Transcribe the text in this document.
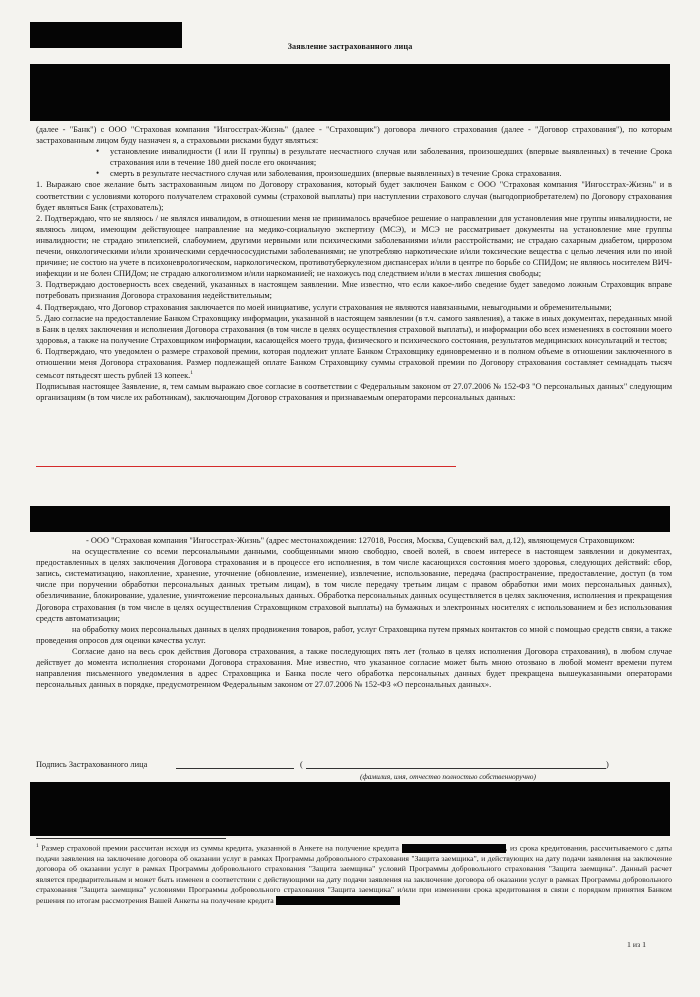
Заявление застрахованного лица

(далее - "Банк") с ООО "Страховая компания "Ингосстрах-Жизнь" (далее - "Страховщик") договора личного страхования (далее - "Договор страхования"), по которым застрахованным лицом буду назначен я, а страховыми рисками будут являться:

• установление инвалидности (I или II группы) в результате несчастного случая или заболевания, произошедших (впервые выявленных) в течение Срока страхования или в течение 180 дней после его окончания;
• смерть в результате несчастного случая или заболевания, произошедших (впервые выявленных) в течение Срока страхования.

1. Выражаю свое желание быть застрахованным лицом по Договору страхования, который будет заключен Банком с ООО "Страховая компания "Ингосстрах-Жизнь" и в соответствии с условиями которого получателем страховой суммы (страховой выплаты) при наступлении страхового случая (выгодоприобретателем) по Договору страхования будет являться Банк (страхователь);

2. Подтверждаю, что не являюсь / не являлся инвалидом, в отношении меня не принималось врачебное решение о направлении для установления мне группы инвалидности, не являюсь лицом, имеющим действующее направление на медико-социальную экспертизу (МСЭ), и МСЭ не рассматривает документы на установление мне группы инвалидности; не страдаю эпилепсией, слабоумием, другими нервными или психическими заболеваниями и/или расстройствами; не страдаю сахарным диабетом, циррозом печени, онкологическими и/или хроническими сердечнососудистыми заболеваниями; не употребляю наркотические и/или токсические вещества с целью лечения или по иной причине; не состою на учете в психоневрологическом, наркологическом, противотуберкулезном диспансерах и/или в центре по борьбе со СПИДом; не являюсь носителем ВИЧ-инфекции и не болен СПИДом; не страдаю алкоголизмом и/или наркоманией; не нахожусь под следствием и/или в местах лишения свободы;

3. Подтверждаю достоверность всех сведений, указанных в настоящем заявлении. Мне известно, что если какое-либо сведение будет заведомо ложным Страховщик вправе потребовать признания Договора страхования недействительным;

4. Подтверждаю, что Договор страхования заключается по моей инициативе, услуги страхования не являются навязанными, невыгодными и обременительными;

5. Даю согласие на предоставление Банком Страховщику информации, указанной в настоящем заявлении (в т.ч. самого заявления), а также в иных документах, переданных мной в Банк в целях заключения и исполнения Договора страхования (в том числе в целях осуществления страховой выплаты), и информации обо всех изменениях в состоянии моего здоровья, а также на получение Страховщиком информации, касающейся моего труда, физического и психического состояния, результатов медицинских консультаций и тестов;

6. Подтверждаю, что уведомлен о размере страховой премии, которая подлежит уплате Банком Страховщику единовременно и в полном объеме в отношении заключенного в отношении меня Договора страхования. Размер подлежащей оплате Банком Страховщику суммы страховой премии по Договору страхования составляет семнадцать тысяч семьсот пятьдесят шесть рублей 13 копеек.$^1$

Подписывая настоящее Заявление, я, тем самым выражаю свое согласие в соответствии с Федеральным законом от 27.07.2006 № 152-ФЗ "О персональных данных" следующим организациям (в том числе их работникам), заключающим Договор страхования и признаваемым операторами персональных данных:

- ООО "Страховая компания "Ингосстрах-Жизнь" (адрес местонахождения: 127018, Россия, Москва, Сущевский вал, д.12), являющемуся Страховщиком:

на осуществление со всеми персональными данными, сообщенными мною свободно, своей волей, в своем интересе в настоящем заявлении и документах, предоставленных в целях заключения Договора страхования и в процессе его исполнения, в том числе касающихся состояния моего здоровья, следующих действий: сбор, запись, систематизацию, накопление, хранение, уточнение (обновление, изменение), извлечение, использование, передача (распространение, предоставление, доступ (в том числе при поручении обработки персональных данных третьим лицам), в том числе передачу третьим лицам с правом обработки ими моих персональных данных), обезличивание, блокирование, удаление, уничтожение персональных данных. Обработка персональных данных осуществляется в целях заключения, исполнения и прекращения Договора страхования (в том числе в целях осуществления Страховщиком страховой выплаты) на бумажных и электронных носителях с использованием и без использования средств автоматизации;

на обработку моих персональных данных в целях продвижения товаров, работ, услуг Страховщика путем прямых контактов со мной с помощью средств связи, а также проведения опросов для оценки качества услуг.

Согласие дано на весь срок действия Договора страхования, а также последующих пять лет (только в целях исполнения Договора страхования), в любом случае действует до момента исполнения сторонами Договора страхования. Мне известно, что указанное согласие может быть мною отозвано в любой момент времени путем направления письменного уведомления в адрес Страховщика и Банка после чего обработка персональных данных будет прекращена вышеуказанными операторами персональных данных в порядке, предусмотренном Федеральным законом от 27.07.2006 № 152-ФЗ «О персональных данных».

Подпись Застрахованного лица	(	)
(фамилия, имя, отчество полностью собственноручно)
$^1$ Размер страховой премии рассчитан исходя из суммы кредита, указанной в Анкете на получение кредита	, из срока кредитования, рассчитываемого с даты подачи заявления на заключение договора об оказании услуг в рамках Программы добровольного страхования "Защита заемщика", и действующих на дату подачи заявления на заключение договора об оказании услуг в рамках Программы добровольного страхования "Защита заемщика" условий Программы добровольного страхования "Защита заемщика". Данный расчет является предварительным и может быть изменен в соответствии с действующими на дату подачи заявления на заключение договора об оказании услуг в рамках Программы добровольного страхования "Защита заемщика" условиями Программы добровольного страхования "Защита заемщика" и/или при изменении срока кредитования в связи с порядком принятия Банком решения по итогам рассмотрения Вашей Анкеты на получение кредита
1 из 1
